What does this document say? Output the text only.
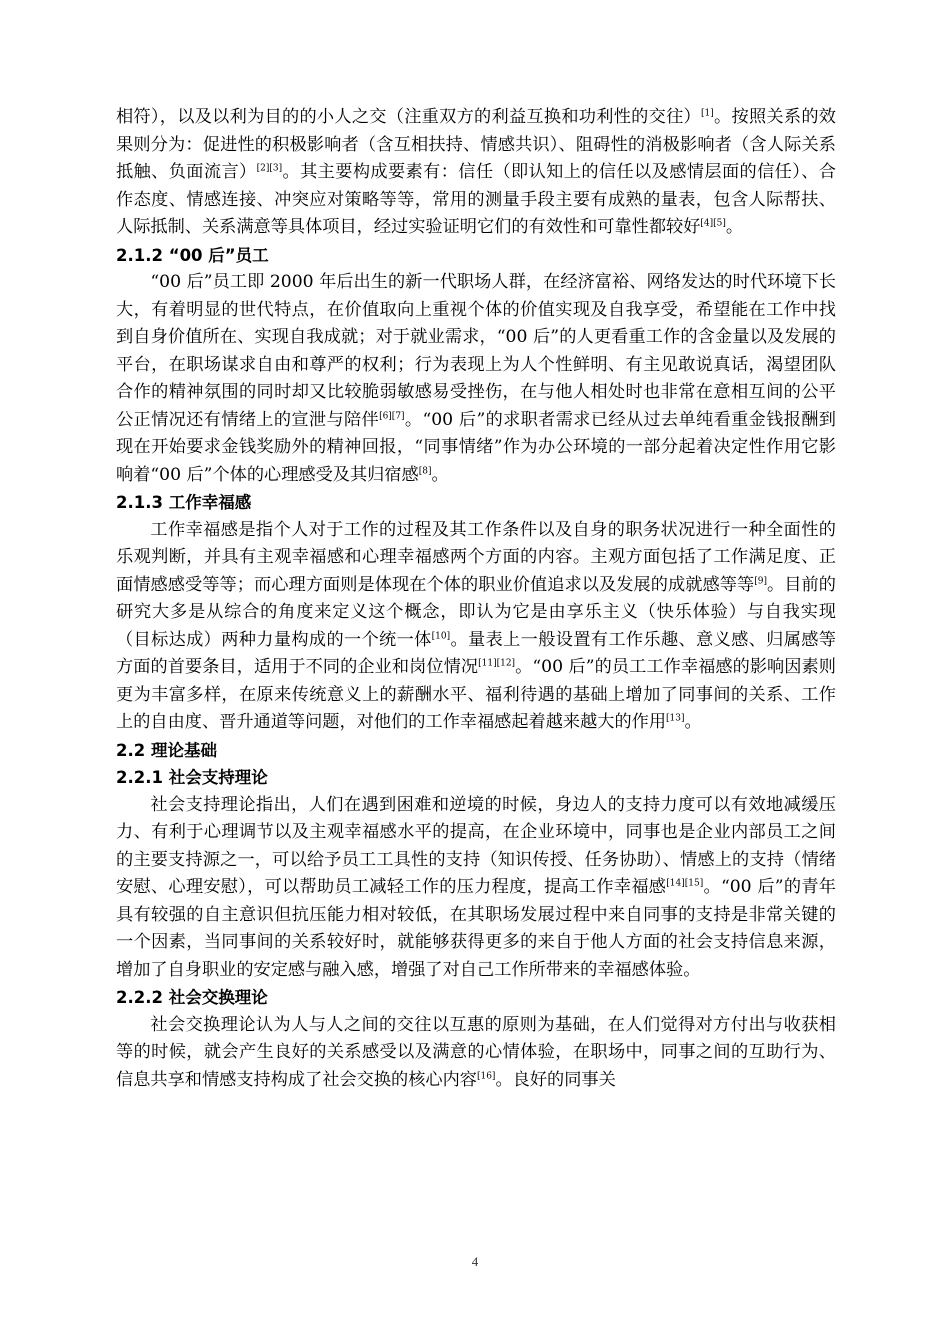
相符），以及以利为目的的小人之交（注重双方的利益互换和功利性的交往）[1]。按照关系的效果则分为：促进性的积极影响者（含互相扶持、情感共识）、阻碍性的消极影响者（含人际关系抵触、负面流言）[2][3]。其主要构成要素有：信任（即认知上的信任以及感情层面的信任）、合作态度、情感连接、冲突应对策略等等，常用的测量手段主要有成熟的量表，包含人际帮扶、人际抵制、关系满意等具体项目，经过实验证明它们的有效性和可靠性都较好[4][5]。

2.1.2 “00 后”员工

“00 后”员工即 2000 年后出生的新一代职场人群，在经济富裕、网络发达的时代环境下长大，有着明显的世代特点，在价值取向上重视个体的价值实现及自我享受，希望能在工作中找到自身价值所在、实现自我成就；对于就业需求，“00 后”的人更看重工作的含金量以及发展的平台，在职场谋求自由和尊严的权利；行为表现上为人个性鲜明、有主见敢说真话，渴望团队合作的精神氛围的同时却又比较脆弱敏感易受挫伤，在与他人相处时也非常在意相互间的公平公正情况还有情绪上的宣泄与陪伴[6][7]。“00 后”的求职者需求已经从过去单纯看重金钱报酬到现在开始要求金钱奖励外的精神回报，“同事情绪”作为办公环境的一部分起着决定性作用它影响着“00 后”个体的心理感受及其归宿感[8]。

2.1.3 工作幸福感

工作幸福感是指个人对于工作的过程及其工作条件以及自身的职务状况进行一种全面性的乐观判断，并具有主观幸福感和心理幸福感两个方面的内容。主观方面包括了工作满足度、正面情感感受等等；而心理方面则是体现在个体的职业价值追求以及发展的成就感等等[9]。目前的研究大多是从综合的角度来定义这个概念，即认为它是由享乐主义（快乐体验）与自我实现（目标达成）两种力量构成的一个统一体[10]。量表上一般设置有工作乐趣、意义感、归属感等方面的首要条目，适用于不同的企业和岗位情况[11][12]。“00 后”的员工工作幸福感的影响因素则更为丰富多样，在原来传统意义上的薪酬水平、福利待遇的基础上增加了同事间的关系、工作上的自由度、晋升通道等问题，对他们的工作幸福感起着越来越大的作用[13]。

2.2 理论基础
2.2.1 社会支持理论

社会支持理论指出，人们在遇到困难和逆境的时候，身边人的支持力度可以有效地减缓压力、有利于心理调节以及主观幸福感水平的提高，在企业环境中，同事也是企业内部员工之间的主要支持源之一，可以给予员工工具性的支持（知识传授、任务协助）、情感上的支持（情绪安慰、心理安慰），可以帮助员工减轻工作的压力程度，提高工作幸福感[14][15]。“00 后”的青年具有较强的自主意识但抗压能力相对较低，在其职场发展过程中来自同事的支持是非常关键的一个因素，当同事间的关系较好时，就能够获得更多的来自于他人方面的社会支持信息来源，增加了自身职业的安定感与融入感，增强了对自己工作所带来的幸福感体验。

2.2.2 社会交换理论

社会交换理论认为人与人之间的交往以互惠的原则为基础，在人们觉得对方付出与收获相等的时候，就会产生良好的关系感受以及满意的心情体验，在职场中，同事之间的互助行为、信息共享和情感支持构成了社会交换的核心内容[16]。良好的同事关

4
